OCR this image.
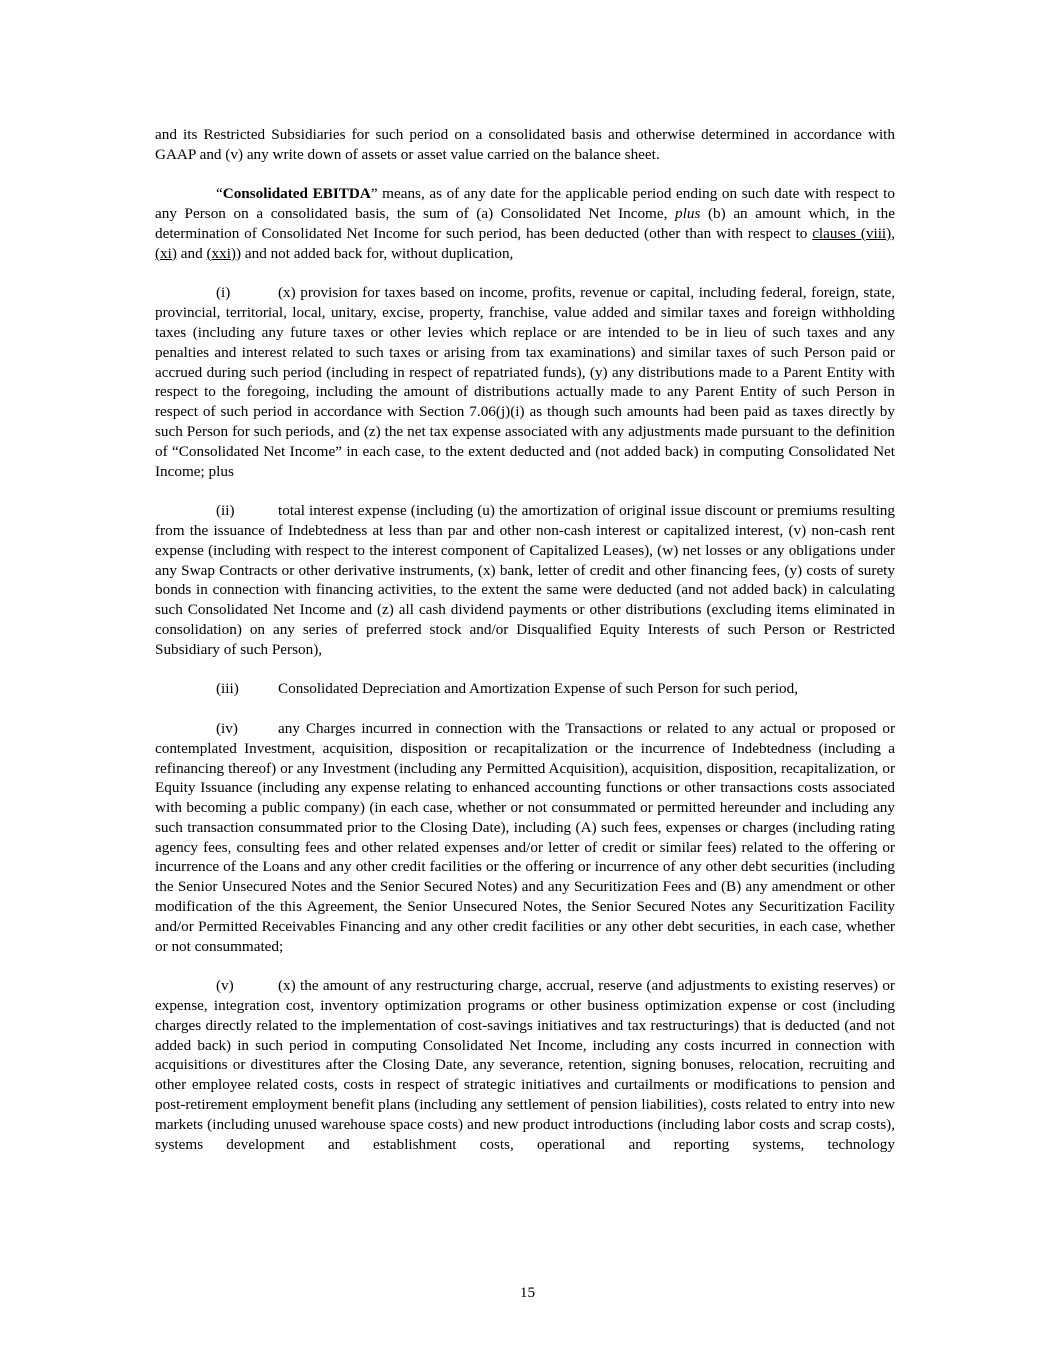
and its Restricted Subsidiaries for such period on a consolidated basis and otherwise determined in accordance with GAAP and (v) any write down of assets or asset value carried on the balance sheet.

“Consolidated EBITDA” means, as of any date for the applicable period ending on such date with respect to any Person on a consolidated basis, the sum of (a) Consolidated Net Income, plus (b) an amount which, in the determination of Consolidated Net Income for such period, has been deducted (other than with respect to clauses (viii), (xi) and (xxi)) and not added back for, without duplication,

(i)	(x) provision for taxes based on income, profits, revenue or capital, including federal, foreign, state, provincial, territorial, local, unitary, excise, property, franchise, value added and similar taxes and foreign withholding taxes (including any future taxes or other levies which replace or are intended to be in lieu of such taxes and any penalties and interest related to such taxes or arising from tax examinations) and similar taxes of such Person paid or accrued during such period (including in respect of repatriated funds), (y) any distributions made to a Parent Entity with respect to the foregoing, including the amount of distributions actually made to any Parent Entity of such Person in respect of such period in accordance with Section 7.06(j)(i) as though such amounts had been paid as taxes directly by such Person for such periods, and (z) the net tax expense associated with any adjustments made pursuant to the definition of “Consolidated Net Income” in each case, to the extent deducted and (not added back) in computing Consolidated Net Income; plus

(ii)	total interest expense (including (u) the amortization of original issue discount or premiums resulting from the issuance of Indebtedness at less than par and other non-cash interest or capitalized interest, (v) non-cash rent expense (including with respect to the interest component of Capitalized Leases), (w) net losses or any obligations under any Swap Contracts or other derivative instruments, (x) bank, letter of credit and other financing fees, (y) costs of surety bonds in connection with financing activities, to the extent the same were deducted (and not added back) in calculating such Consolidated Net Income and (z) all cash dividend payments or other distributions (excluding items eliminated in consolidation) on any series of preferred stock and/or Disqualified Equity Interests of such Person or Restricted Subsidiary of such Person),

(iii)	Consolidated Depreciation and Amortization Expense of such Person for such period,

(iv)	any Charges incurred in connection with the Transactions or related to any actual or proposed or contemplated Investment, acquisition, disposition or recapitalization or the incurrence of Indebtedness (including a refinancing thereof) or any Investment (including any Permitted Acquisition), acquisition, disposition, recapitalization, or Equity Issuance (including any expense relating to enhanced accounting functions or other transactions costs associated with becoming a public company) (in each case, whether or not consummated or permitted hereunder and including any such transaction consummated prior to the Closing Date), including (A) such fees, expenses or charges (including rating agency fees, consulting fees and other related expenses and/or letter of credit or similar fees) related to the offering or incurrence of the Loans and any other credit facilities or the offering or incurrence of any other debt securities (including the Senior Unsecured Notes and the Senior Secured Notes) and any Securitization Fees and (B) any amendment or other modification of the this Agreement, the Senior Unsecured Notes, the Senior Secured Notes any Securitization Facility and/or Permitted Receivables Financing and any other credit facilities or any other debt securities, in each case, whether or not consummated;

(v)	(x) the amount of any restructuring charge, accrual, reserve (and adjustments to existing reserves) or expense, integration cost, inventory optimization programs or other business optimization expense or cost (including charges directly related to the implementation of cost-savings initiatives and tax restructurings) that is deducted (and not added back) in such period in computing Consolidated Net Income, including any costs incurred in connection with acquisitions or divestitures after the Closing Date, any severance, retention, signing bonuses, relocation, recruiting and other employee related costs, costs in respect of strategic initiatives and curtailments or modifications to pension and post-retirement employment benefit plans (including any settlement of pension liabilities), costs related to entry into new markets (including unused warehouse space costs) and new product introductions (including labor costs and scrap costs), systems development and establishment costs, operational and reporting systems, technology

15
